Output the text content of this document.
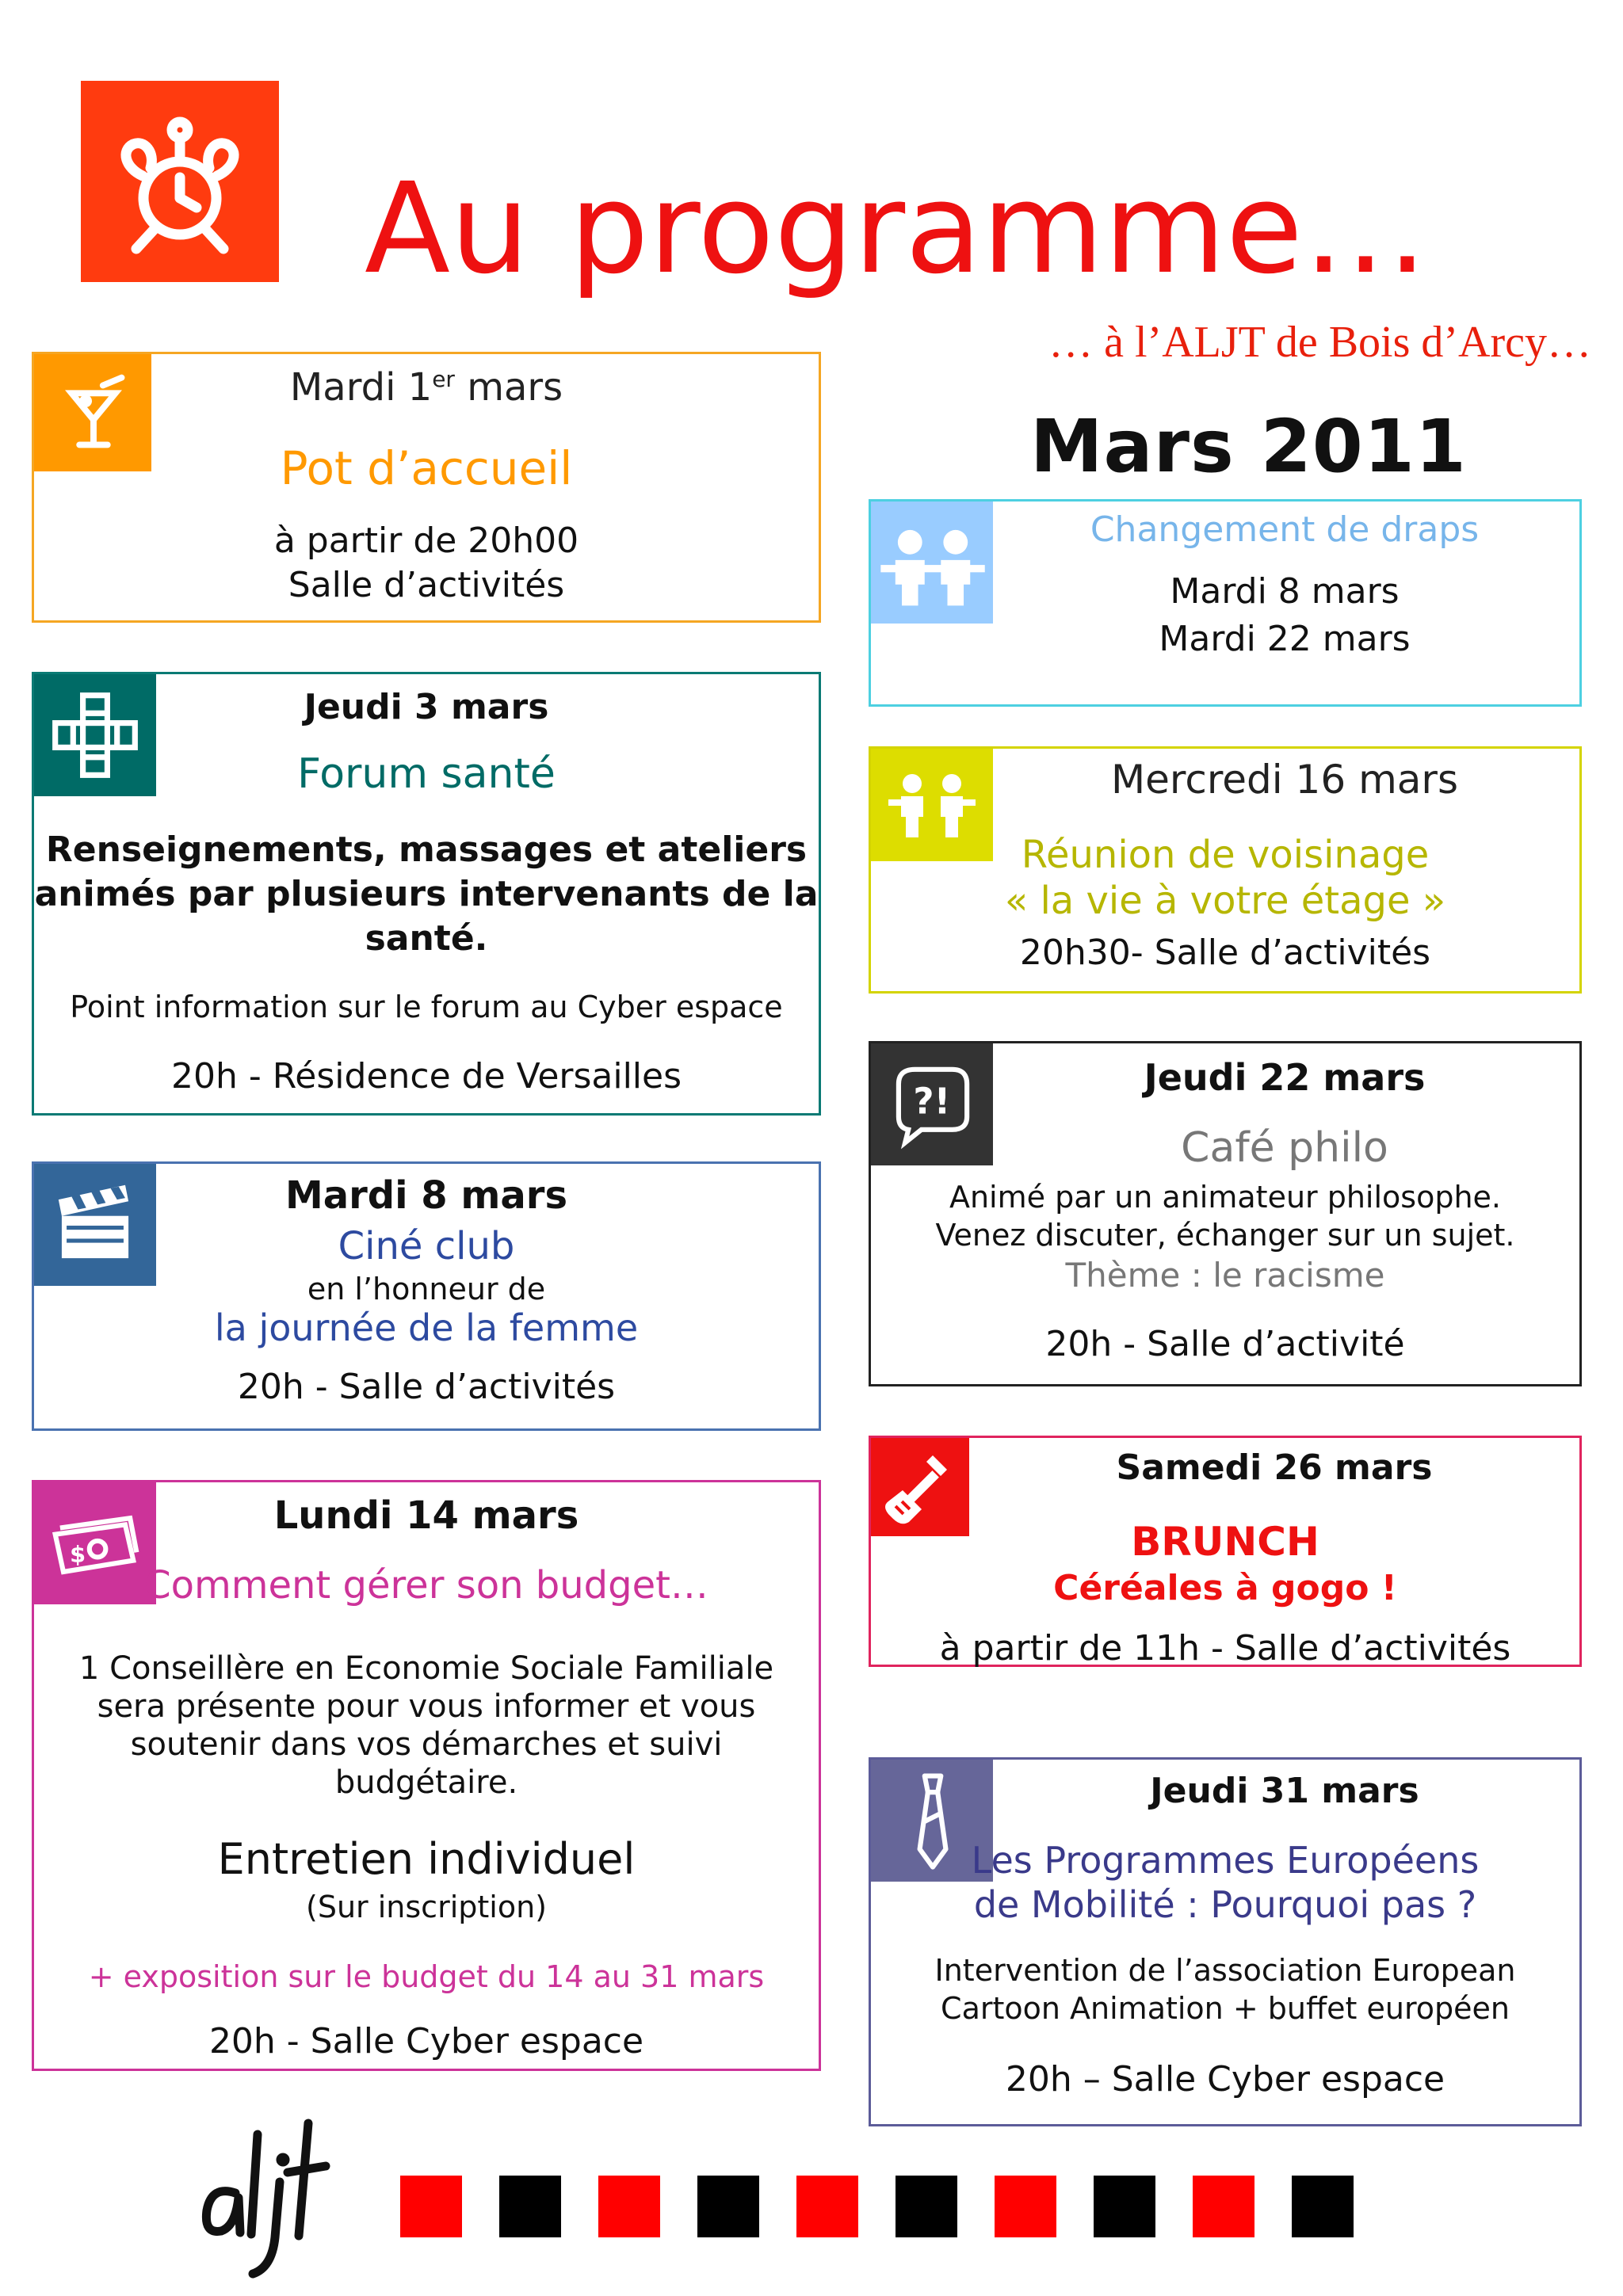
Au programme…
… à l’ALJT de Bois d’Arcy…
Mars 2011
Mardi 1er mars
Pot d’accueil
à partir de 20h00
Salle d’activités
Jeudi 3 mars
Forum santé
Renseignements, massages et ateliers
animés par plusieurs intervenants de la
santé.
Point information sur le forum au Cyber espace
20h - Résidence de Versailles
Mardi 8 mars
Ciné club
en l’honneur de
la journée de la femme
20h - Salle d’activités
$
Lundi 14 mars
Comment gérer son budget…
1 Conseillère en Economie Sociale Familiale
sera présente pour vous informer et vous
soutenir dans vos démarches et suivi
budgétaire.
Entretien individuel
(Sur inscription)
+ exposition sur le budget du 14 au 31 mars
20h - Salle Cyber espace
Changement de draps
Mardi 8 mars
Mardi 22 mars
Mercredi 16 mars
Réunion de voisinage
« la vie à votre étage »
20h30- Salle d’activités
?!
Jeudi 22 mars
Café philo
Animé par un animateur philosophe.
Venez discuter, échanger sur un sujet.
Thème : le racisme
20h - Salle d’activité
Samedi 26 mars
BRUNCH
Céréales à gogo !
à partir de 11h - Salle d’activités
Jeudi 31 mars
Les Programmes Européens
de Mobilité : Pourquoi pas ?
Intervention de l’association European
Cartoon Animation + buffet européen
20h – Salle Cyber espace
